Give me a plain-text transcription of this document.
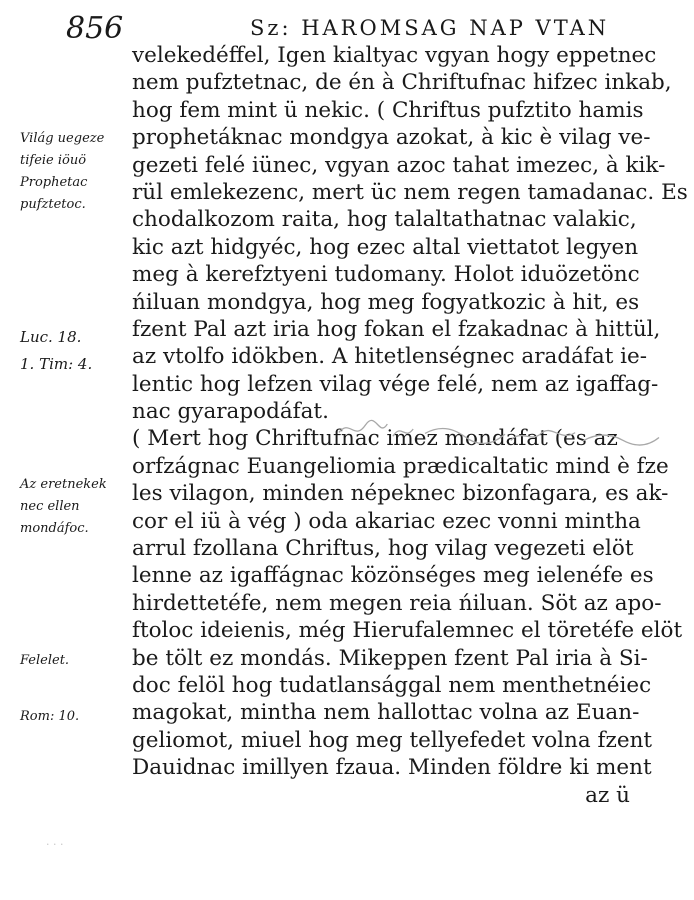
856	Sz: HAROMSAG NAP VTAN
Világ uegeze
tifeie iöuö
Prophetac
pufztetoc.
Luc. 18.
1. Tim: 4.
Az eretnekek
nec ellen
mondáfoc.
Felelet.
Rom: 10.
velekedéffel, Igen kialtyac vgyan hogy eppetnec
nem pufztetnac, de én à Chriftufnac hifzec inkab,
hog fem mint ü nekic. ( Chriftus pufztito hamis
prophetáknac mondgya azokat, à kic è vilag ve-
gezeti felé iünec, vgyan azoc tahat imezec, à kik-
rül emlekezenc, mert üc nem regen tamadanac. Es
chodalkozom raita, hog talaltathatnac valakic,
kic azt hidgyéc, hog ezec altal viettatot legyen
meg à kerefztyeni tudomany. Holot iduözetönc
ńiluan mondgya, hog meg fogyatkozic à hit, es
fzent Pal azt iria hog fokan el fzakadnac à hittül,
az vtolfo idökben. A hitetlenségnec aradáfat ie-
lentic hog lefzen vilag vége felé, nem az igaffag-
nac gyarapodáfat.
( Mert hog Chriftufnac imez mondáfat (es az
orfzágnac Euangeliomia prædicaltatic mind è fze
les vilagon, minden népeknec bizonfagara, es ak-
cor el iü à vég ) oda akariac ezec vonni mintha
arrul fzollana Chriftus, hog vilag vegezeti elöt
lenne az igaffágnac közönséges meg ielenéfe es
hirdettetéfe, nem megen reia ńiluan. Söt az apo-
ftoloc ideienis, még Hierufalemnec el töretéfe elöt
be tölt ez mondás. Mikeppen fzent Pal iria à Si-
doc felöl hog tudatlansággal nem menthetnéiec
magokat, mintha nem hallottac volna az Euan-
geliomot, miuel hog meg tellyefedet volna fzent
Dauidnac imillyen fzaua. Minden földre ki ment
az ü
· · ·
